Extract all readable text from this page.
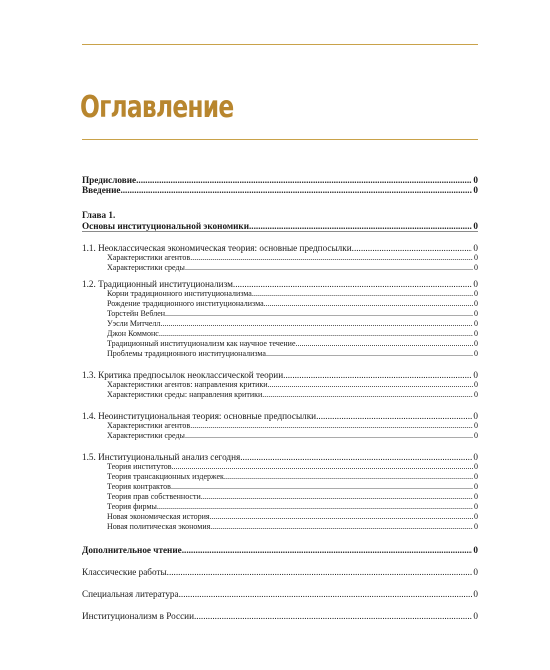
Оглавление
Предисловие .....	0
Введение .....	0
Глава 1.
Основы институциональной экономики .....	0
1.1. Неоклассическая экономическая теория: основные предпосылки .....	0
Характеристики агентов .....	0
Характеристики среды .....	0
1.2. Традиционный институционализм .....	0
Корни традиционного институционализма .....	0
Рождение традиционного институционализма .....	0
Торстейн Веблен .....	0
Уэсли Митчелл .....	0
Джон Коммонс .....	0
Традиционный институционализм как научное течение .....	0
Проблемы традиционного институционализма .....	0
1.3. Критика предпосылок неоклассической теории .....	0
Характеристики агентов: направления критики .....	0
Характеристики среды: направления критики .....	0
1.4. Неоинституциональная теория: основные предпосылки .....	0
Характеристики агентов .....	0
Характеристики среды .....	0
1.5. Институциональный анализ сегодня .....	0
Теория институтов .....	0
Теория трансакционных издержек .....	0
Теория контрактов .....	0
Теория прав собственности .....	0
Теория фирмы .....	0
Новая экономическая история .....	0
Новая политическая экономия .....	0
Дополнительное чтение .....	0
Классические работы .....	0
Специальная литература .....	0
Институционализм в России .....	0
